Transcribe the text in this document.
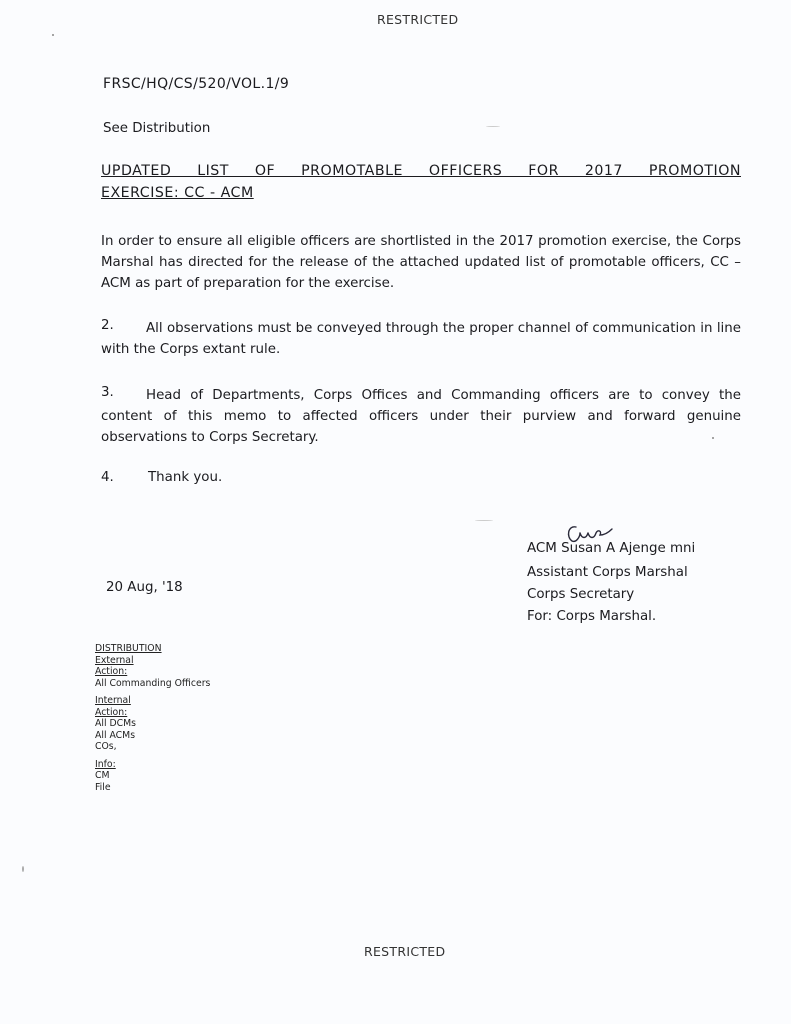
RESTRICTED
FRSC/HQ/CS/520/VOL.1/9
See Distribution
UPDATED LIST OF PROMOTABLE OFFICERS FOR 2017 PROMOTION
EXERCISE: CC - ACM
In order to ensure all eligible officers are shortlisted in the 2017 promotion exercise, the Corps Marshal has directed for the release of the attached updated list of promotable officers, CC – ACM as part of preparation for the exercise.
2.	All observations must be conveyed through the proper channel of communication in line with the Corps extant rule.
3.	Head of Departments, Corps Offices and Commanding officers are to convey the content of this memo to affected officers under their purview and forward genuine observations to Corps Secretary.
4.	Thank you.
ACM Susan A Ajenge mni
Assistant Corps Marshal
Corps Secretary
For: Corps Marshal.
20 Aug, '18
DISTRIBUTION
External
Action:
All Commanding Officers
Internal
Action:
All DCMs
All ACMs
COs,
Info:
CM
File
RESTRICTED
